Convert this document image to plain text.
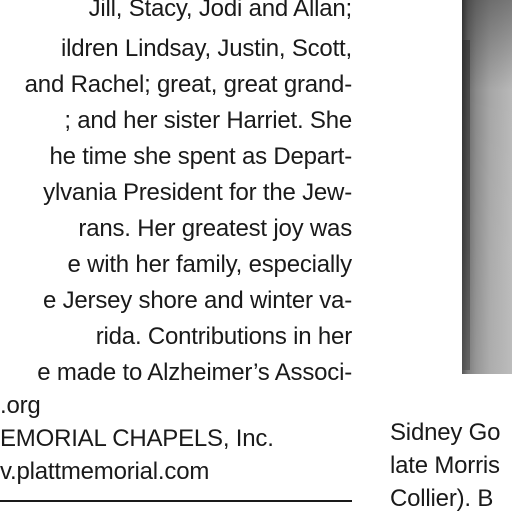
Jill, Stacy, Jodi and Allan;
ildren Lindsay, Justin, Scott,
and Rachel; great, great grand-
; and her sister Harriet. She
he time she spent as Depart-
ylvania President for the Jew-
rans. Her greatest joy was
e with her family, especially
e Jersey shore and winter va-
rida. Contributions in her
e made to Alzheimer’s Associ-
.org
EMORIAL CHAPELS, Inc.
v.plattmemorial.com
Sidney Go
late Morris
Collier). B
